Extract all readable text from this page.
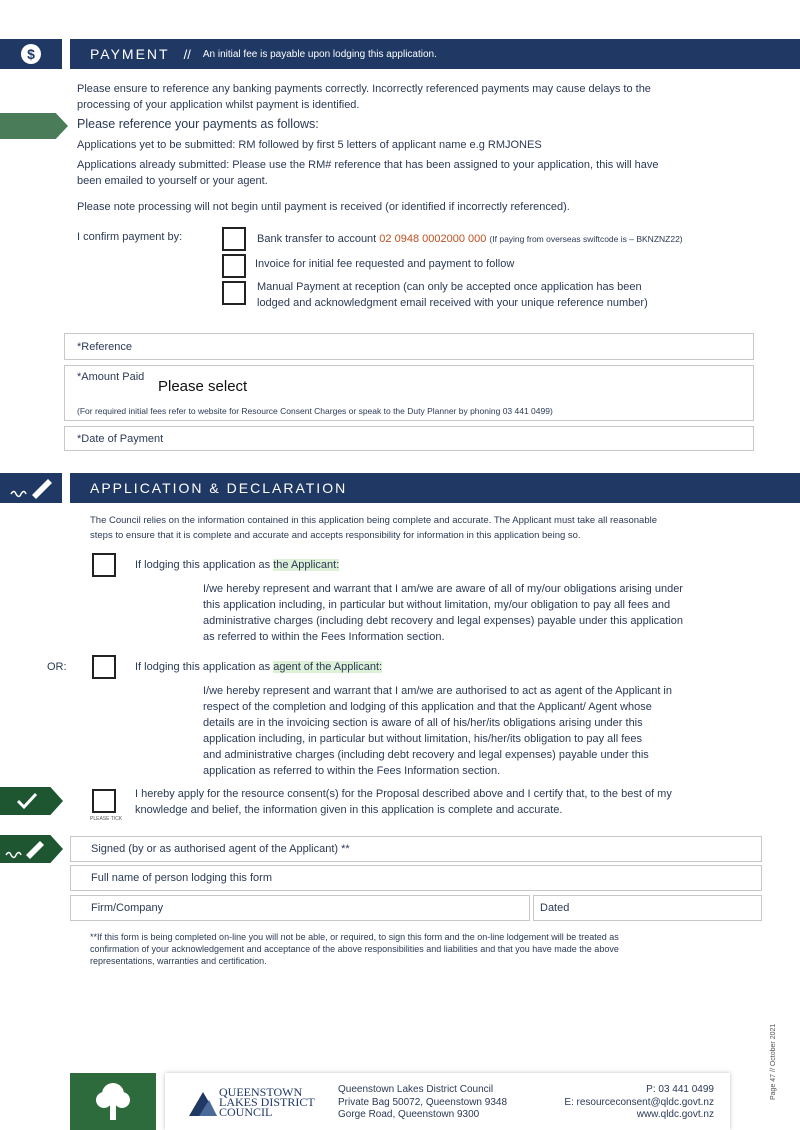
$	PAYMENT // An initial fee is payable upon lodging this application.
Please ensure to reference any banking payments correctly. Incorrectly referenced payments may cause delays to the
processing of your application whilst payment is identified.
Please reference your payments as follows:
Applications yet to be submitted: RM followed by first 5 letters of applicant name e.g RMJONES
Applications already submitted: Please use the RM# reference that has been assigned to your application, this will have
been emailed to yourself or your agent.
Please note processing will not begin until payment is received (or identified if incorrectly referenced).
I confirm payment by:	Bank transfer to account 02 0948 0002000 000 (If paying from overseas swiftcode is – BKNZNZ22)
Invoice for initial fee requested and payment to follow
Manual Payment at reception (can only be accepted once application has been
lodged and acknowledgment email received with your unique reference number)
*Reference
*Amount Paid
Please select
(For required initial fees refer to website for Resource Consent Charges or speak to the Duty Planner by phoning 03 441 0499)
*Date of Payment
APPLICATION & DECLARATION
The Council relies on the information contained in this application being complete and accurate. The Applicant must take all reasonable
steps to ensure that it is complete and accurate and accepts responsibility for information in this application being so.
If lodging this application as the Applicant:
I/we hereby represent and warrant that I am/we are aware of all of my/our obligations arising under
this application including, in particular but without limitation, my/our obligation to pay all fees and
administrative charges (including debt recovery and legal expenses) payable under this application
as referred to within the Fees Information section.
OR:	If lodging this application as agent of the Applicant:
I/we hereby represent and warrant that I am/we are authorised to act as agent of the Applicant in
respect of the completion and lodging of this application and that the Applicant/ Agent whose
details are in the invoicing section is aware of all of his/her/its obligations arising under this
application including, in particular but without limitation, his/her/its obligation to pay all fees
and administrative charges (including debt recovery and legal expenses) payable under this
application as referred to within the Fees Information section.
PLEASE TICK
I hereby apply for the resource consent(s) for the Proposal described above and I certify that, to the best of my
knowledge and belief, the information given in this application is complete and accurate.
Signed (by or as authorised agent of the Applicant) **
Full name of person lodging this form
Firm/Company	Dated
**If this form is being completed on-line you will not be able, or required, to sign this form and the on-line lodgement will be treated as
confirmation of your acknowledgement and acceptance of the above responsibilities and liabilities and that you have made the above
representations, warranties and certification.
QUEENSTOWN
LAKES DISTRICT
COUNCIL
Queenstown Lakes District Council
Private Bag 50072, Queenstown 9348
Gorge Road, Queenstown 9300
P: 03 441 0499
E: resourceconsent@qldc.govt.nz
www.qldc.govt.nz
Page 47 // October 2021
